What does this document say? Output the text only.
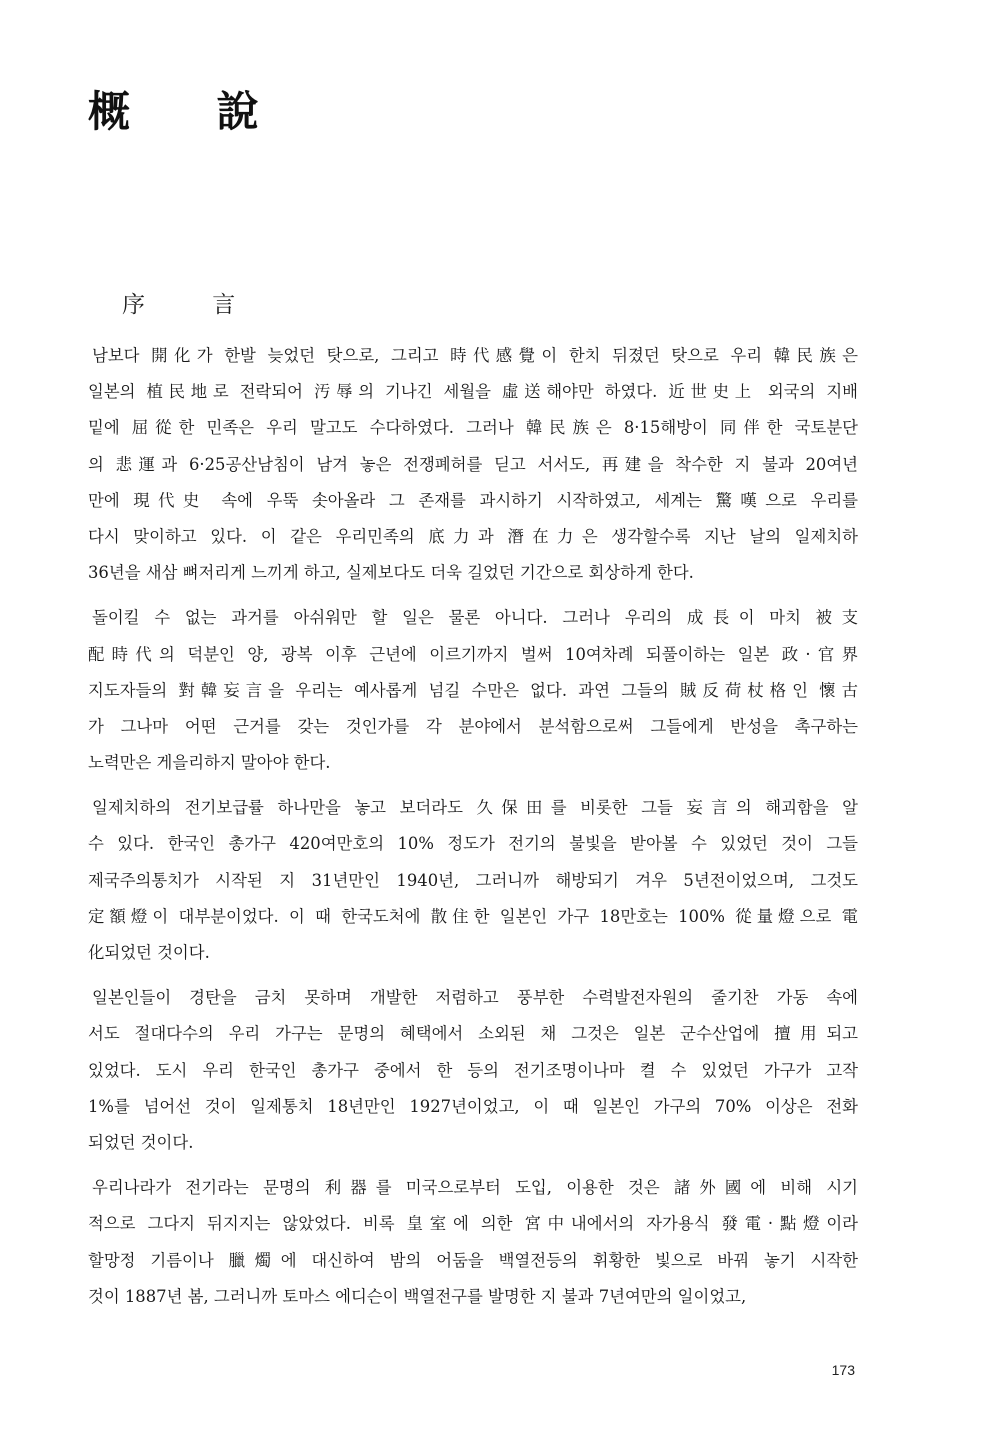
概 說
序 言
남보다 開化가 한발 늦었던 탓으로, 그리고 時代感覺이 한치 뒤졌던 탓으로 우리 韓民族은
일본의 植民地로 전락되어 汚辱의 기나긴 세월을 虛送해야만 하였다. 近世史上 외국의 지배
밑에 屈從한 민족은 우리 말고도 수다하였다. 그러나 韓民族은 8·15해방이 同伴한 국토분단
의 悲運과 6·25공산남침이 남겨 놓은 전쟁폐허를 딛고 서서도, 再建을 착수한 지 불과 20여년
만에 現代史 속에 우뚝 솟아올라 그 존재를 과시하기 시작하였고, 세계는 驚嘆으로 우리를
다시 맞이하고 있다. 이 같은 우리민족의 底力과 潛在力은 생각할수록 지난 날의 일제치하
36년을 새삼 뼈저리게 느끼게 하고, 실제보다도 더욱 길었던 기간으로 회상하게 한다.
돌이킬 수 없는 과거를 아쉬워만 할 일은 물론 아니다. 그러나 우리의 成長이 마치 被支
配時代의 덕분인 양, 광복 이후 근년에 이르기까지 벌써 10여차례 되풀이하는 일본 政·官界
지도자들의 對韓妄言을 우리는 예사롭게 넘길 수만은 없다. 과연 그들의 賊反荷杖格인 懷古
가 그나마 어떤 근거를 갖는 것인가를 각 분야에서 분석함으로써 그들에게 반성을 촉구하는
노력만은 게을리하지 말아야 한다.
일제치하의 전기보급률 하나만을 놓고 보더라도 久保田를 비롯한 그들 妄言의 해괴함을 알
수 있다. 한국인 총가구 420여만호의 10% 정도가 전기의 불빛을 받아볼 수 있었던 것이 그들
제국주의통치가 시작된 지 31년만인 1940년, 그러니까 해방되기 겨우 5년전이었으며, 그것도
定額燈이 대부분이었다. 이 때 한국도처에 散住한 일본인 가구 18만호는 100% 從量燈으로 電
化되었던 것이다.
일본인들이 경탄을 금치 못하며 개발한 저렴하고 풍부한 수력발전자원의 줄기찬 가동 속에
서도 절대다수의 우리 가구는 문명의 혜택에서 소외된 채 그것은 일본 군수산업에 擅用되고
있었다. 도시 우리 한국인 총가구 중에서 한 등의 전기조명이나마 켤 수 있었던 가구가 고작
1%를 넘어선 것이 일제통치 18년만인 1927년이었고, 이 때 일본인 가구의 70% 이상은 전화
되었던 것이다.
우리나라가 전기라는 문명의 利器를 미국으로부터 도입, 이용한 것은 諸外國에 비해 시기
적으로 그다지 뒤지지는 않았었다. 비록 皇室에 의한 宮中내에서의 자가용식 發電·點燈이라
할망정 기름이나 臘燭에 대신하여 밤의 어둠을 백열전등의 휘황한 빛으로 바꿔 놓기 시작한
것이 1887년 봄, 그러니까 토마스 에디슨이 백열전구를 발명한 지 불과 7년여만의 일이었고,
173
